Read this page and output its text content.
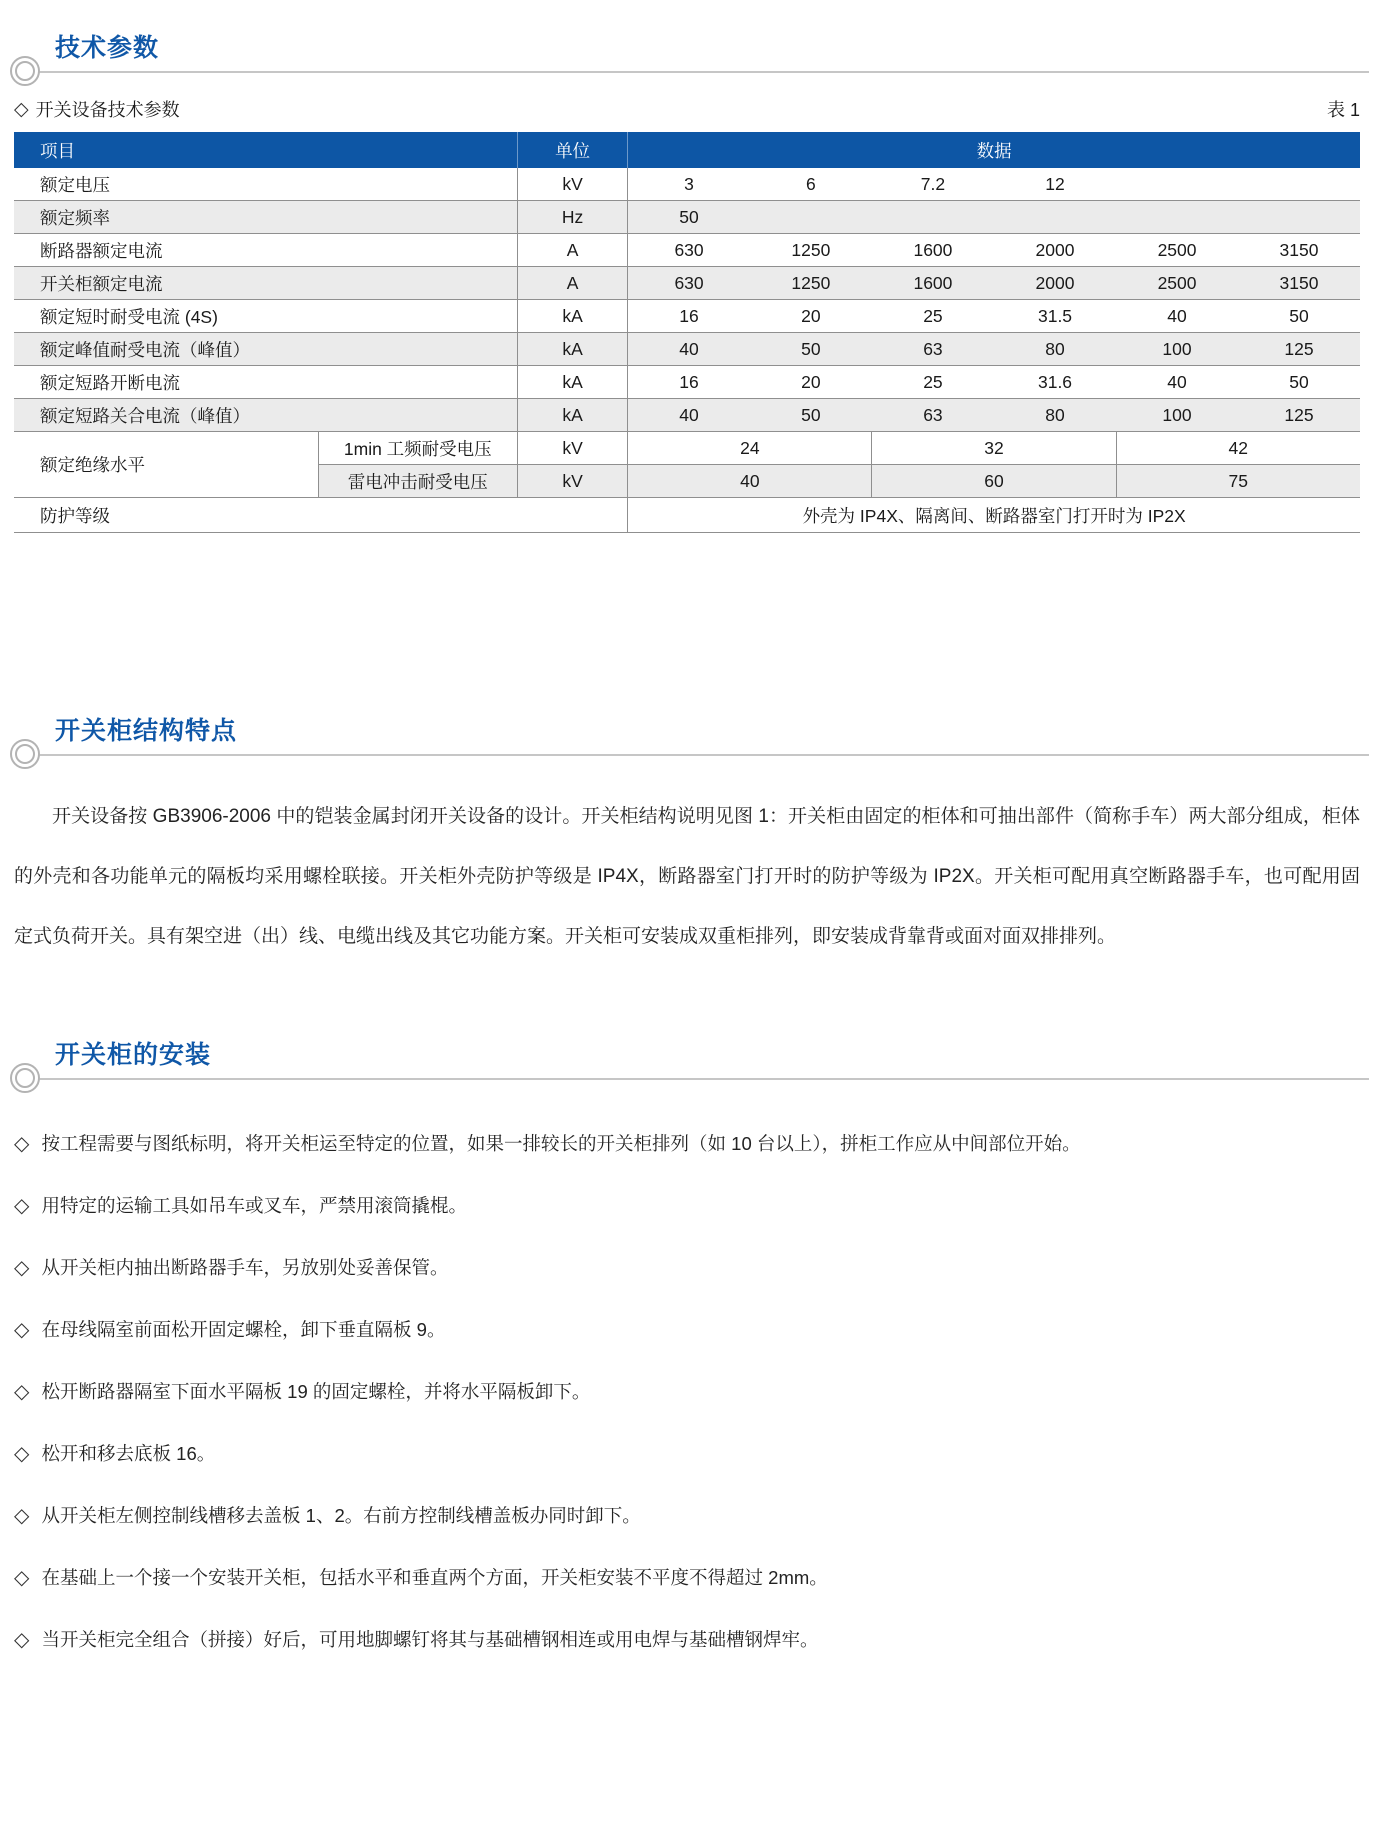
技术参数
◇ 开关设备技术参数	表 1
项目		单位	数据					
额定电压		kV	3	6	7.2	12		
额定频率		Hz	50					
断路器额定电流		A	630	1250	1600	2000	2500	3150
开关柜额定电流		A	630	1250	1600	2000	2500	3150
额定短时耐受电流 (4S)		kA	16	20	25	31.5	40	50
额定峰值耐受电流（峰值）		kA	40	50	63	80	100	125
额定短路开断电流		kA	16	20	25	31.6	40	50
额定短路关合电流（峰值）		kA	40	50	63	80	100	125
额定绝缘水平	1min 工频耐受电压	kV	24		32		42	
	雷电冲击耐受电压	kV	40		60		75	
防护等级			外壳为 IP4X、隔离间、断路器室门打开时为 IP2X					
开关柜结构特点

开关设备按 GB3906-2006 中的铠装金属封闭开关设备的设计。开关柜结构说明见图 1：开关柜由固定的柜体和可抽出部件（简称手车）两大部分组成，柜体的外壳和各功能单元的隔板均采用螺栓联接。开关柜外壳防护等级是 IP4X，断路器室门打开时的防护等级为 IP2X。开关柜可配用真空断路器手车，也可配用固定式负荷开关。具有架空进（出）线、电缆出线及其它功能方案。开关柜可安装成双重柜排列，即安装成背靠背或面对面双排排列。

开关柜的安装
◇ 按工程需要与图纸标明，将开关柜运至特定的位置，如果一排较长的开关柜排列（如 10 台以上），拼柜工作应从中间部位开始。
◇ 用特定的运输工具如吊车或叉车，严禁用滚筒撬棍。
◇ 从开关柜内抽出断路器手车，另放别处妥善保管。
◇ 在母线隔室前面松开固定螺栓，卸下垂直隔板 9。
◇ 松开断路器隔室下面水平隔板 19 的固定螺栓，并将水平隔板卸下。
◇ 松开和移去底板 16。
◇ 从开关柜左侧控制线槽移去盖板 1、2。右前方控制线槽盖板办同时卸下。
◇ 在基础上一个接一个安装开关柜，包括水平和垂直两个方面，开关柜安装不平度不得超过 2mm。
◇ 当开关柜完全组合（拼接）好后，可用地脚螺钉将其与基础槽钢相连或用电焊与基础槽钢焊牢。
